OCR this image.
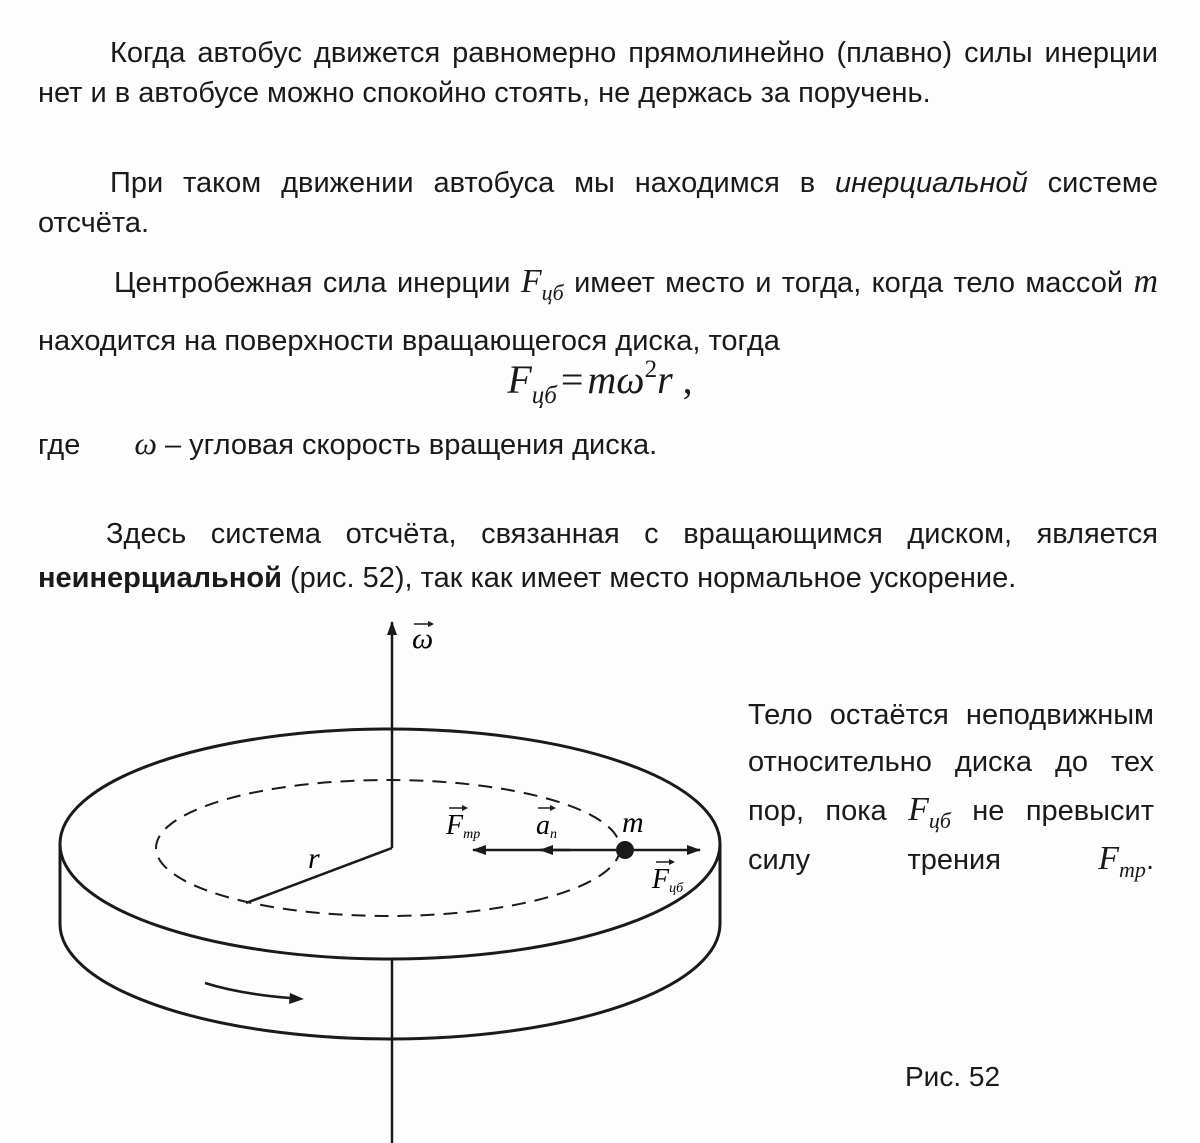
Когда автобус движется равномерно прямолинейно (плавно) силы инерции нет и в автобусе можно спокойно стоять, не держась за поручень.

При таком движении автобуса мы находимся в инерциальной системе отсчёта.

Центробежная сила инерции $F_{цб}$ имеет место и тогда, когда тело массой m находится на поверхности вращающегося диска, тогда

$F_{цб} = m\omega^2r$ ,
где ω – угловая скорость вращения диска.

Здесь система отсчёта, связанная с вращающимся диском, является неинерциальной (рис. 52), так как имеет место нормальное ускорение.

ω
r
m
Fтр an
Fцб

Тело остаётся неподвижным относительно диска до тех пор, пока $F_{цб}$ не превысит силу трения $F_{тр}$.

Рис. 52
